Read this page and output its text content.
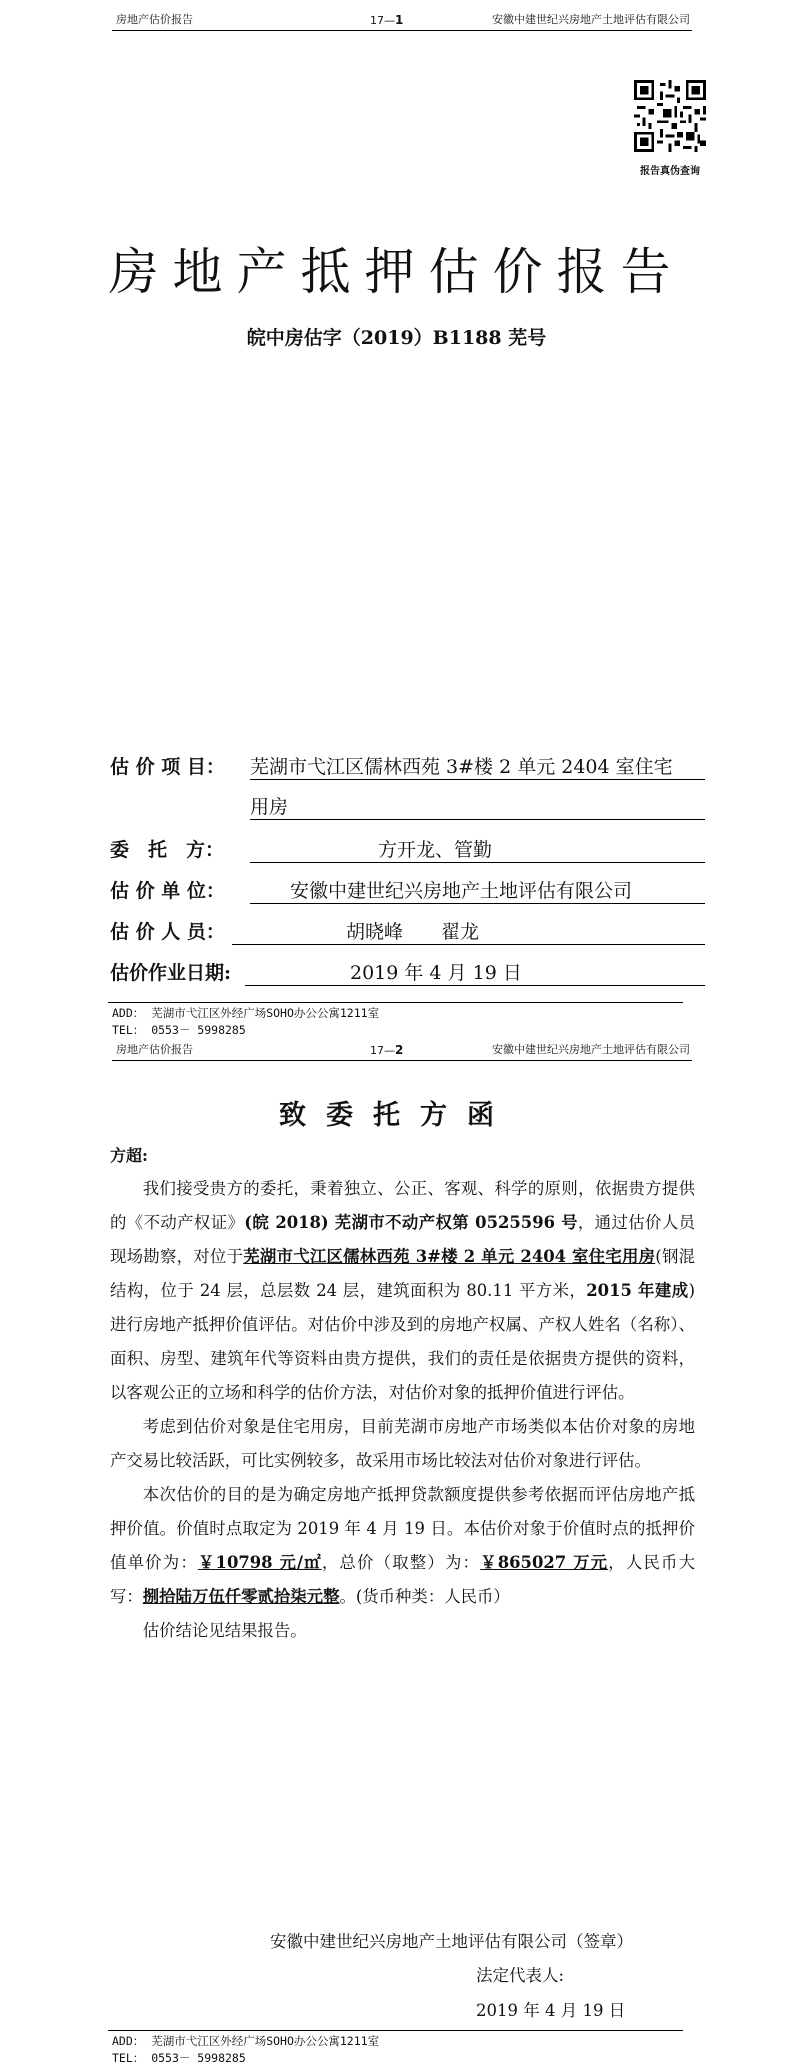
房地产估价报告	17—1	安徽中建世纪兴房地产土地评估有限公司
报告真伪查询
房地产抵押估价报告
皖中房估字（2019）B1188 芜号
估 价 项 目： 芜湖市弋江区儒林西苑 3#楼 2 单元 2404 室住宅
用房
委　托　方：	方开龙、管勤
估 价 单 位：	安徽中建世纪兴房地产土地评估有限公司
估 价 人 员：	胡晓峰　　翟龙
估价作业日期:	2019 年 4 月 19 日
ADD： 芜湖市弋江区外经广场SOHO办公公寓1211室
TEL： 0553－ 5998285
房地产估价报告	17—2	安徽中建世纪兴房地产土地评估有限公司
致委托方函
方超:

我们接受贵方的委托，秉着独立、公正、客观、科学的原则，依据贵方提供的《不动产权证》(皖 2018) 芜湖市不动产权第 0525596 号，通过估价人员现场勘察，对位于芜湖市弋江区儒林西苑 3#楼 2 单元 2404 室住宅用房(钢混结构，位于 24 层，总层数 24 层，建筑面积为 80.11 平方米，2015 年建成)进行房地产抵押价值评估。对估价中涉及到的房地产权属、产权人姓名（名称）、面积、房型、建筑年代等资料由贵方提供，我们的责任是依据贵方提供的资料，以客观公正的立场和科学的估价方法，对估价对象的抵押价值进行评估。

考虑到估价对象是住宅用房，目前芜湖市房地产市场类似本估价对象的房地产交易比较活跃，可比实例较多，故采用市场比较法对估价对象进行评估。

本次估价的目的是为确定房地产抵押贷款额度提供参考依据而评估房地产抵押价值。价值时点取定为 2019 年 4 月 19 日。本估价对象于价值时点的抵押价值单价为：￥10798 元/㎡，总价（取整）为：￥865027 万元，人民币大写：捌拾陆万伍仟零贰拾柒元整。(货币种类：人民币）

估价结论见结果报告。

安徽中建世纪兴房地产土地评估有限公司（签章）
法定代表人:
2019 年 4 月 19 日
ADD： 芜湖市弋江区外经广场SOHO办公公寓1211室
TEL： 0553－ 5998285
